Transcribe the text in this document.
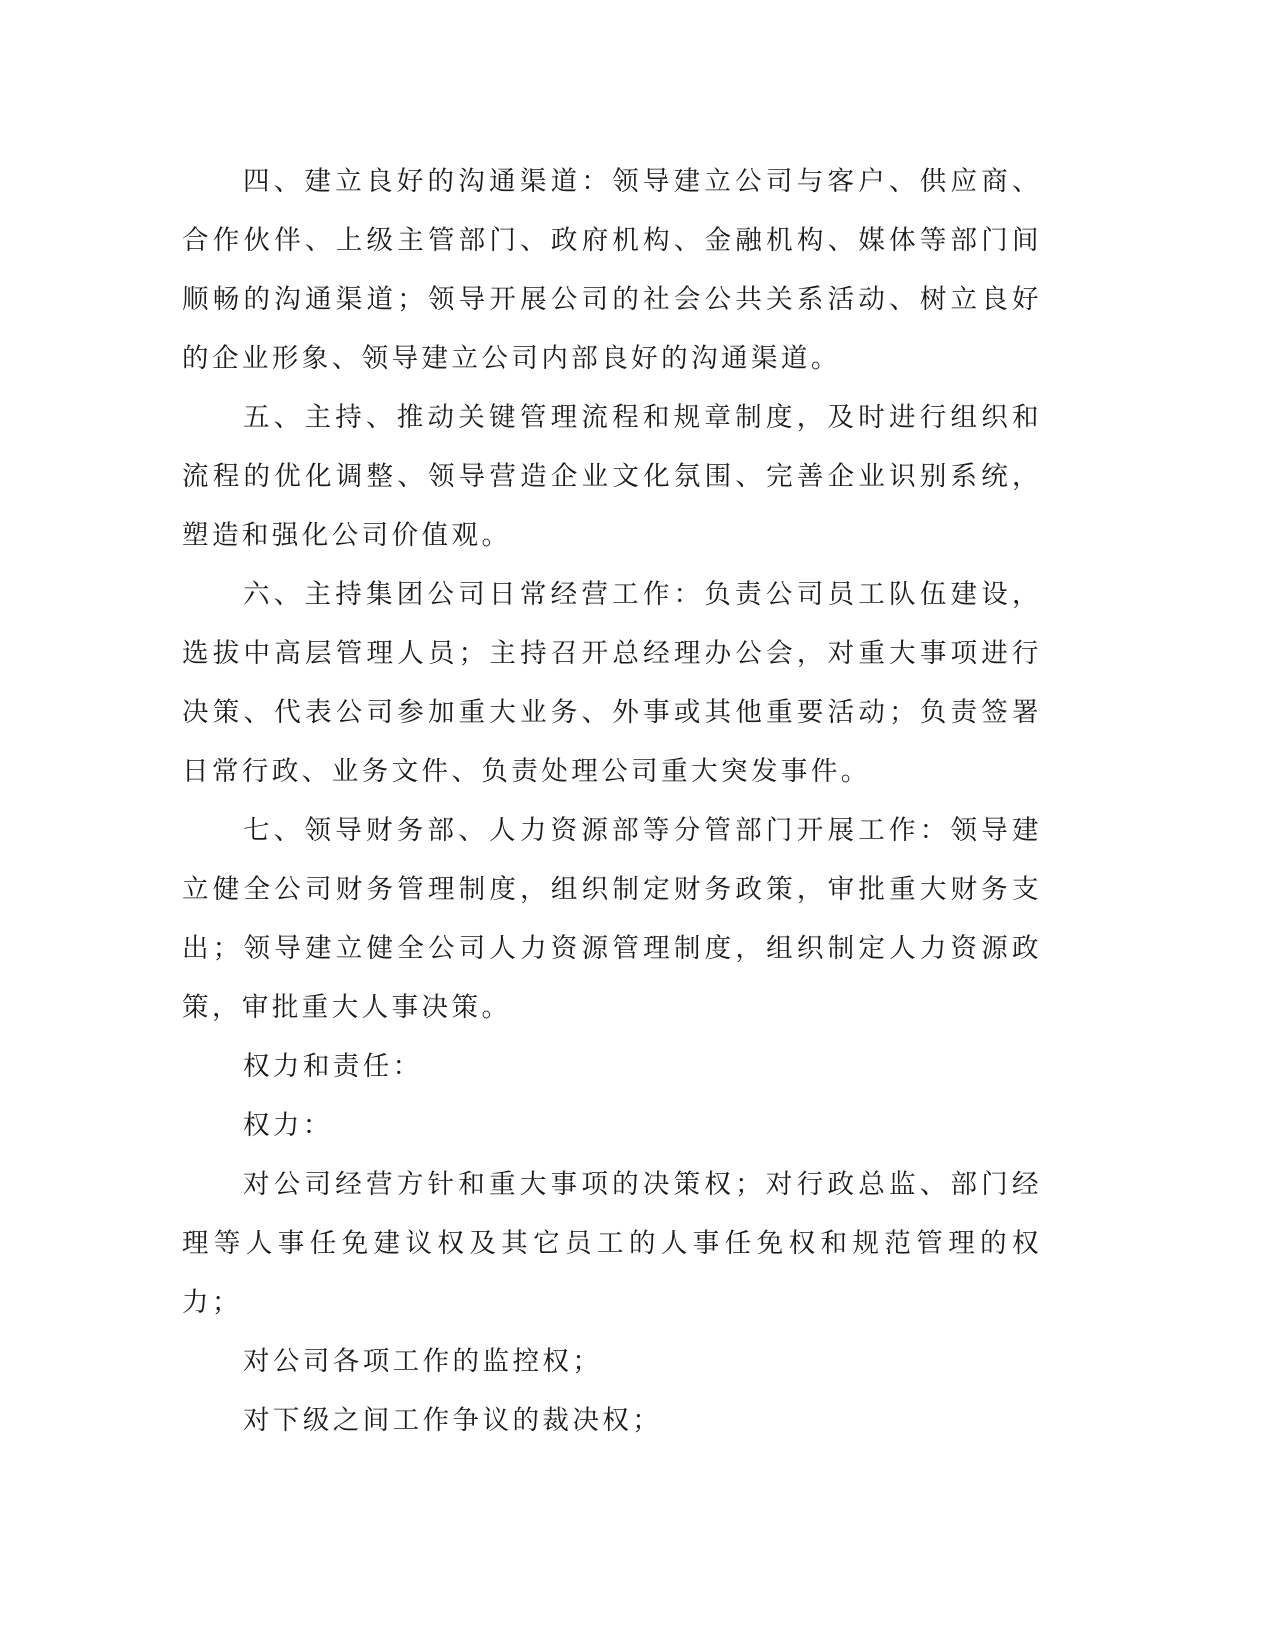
四、建立良好的沟通渠道：领导建立公司与客户、供应商、合作伙伴、上级主管部门、政府机构、金融机构、媒体等部门间顺畅的沟通渠道；领导开展公司的社会公共关系活动、树立良好的企业形象、领导建立公司内部良好的沟通渠道。

五、主持、推动关键管理流程和规章制度，及时进行组织和流程的优化调整、领导营造企业文化氛围、完善企业识别系统，塑造和强化公司价值观。

六、主持集团公司日常经营工作：负责公司员工队伍建设，选拔中高层管理人员；主持召开总经理办公会，对重大事项进行决策、代表公司参加重大业务、外事或其他重要活动；负责签署日常行政、业务文件、负责处理公司重大突发事件。

七、领导财务部、人力资源部等分管部门开展工作：领导建立健全公司财务管理制度，组织制定财务政策，审批重大财务支出；领导建立健全公司人力资源管理制度，组织制定人力资源政策，审批重大人事决策。

权力和责任：

权力：

对公司经营方针和重大事项的决策权；对行政总监、部门经理等人事任免建议权及其它员工的人事任免权和规范管理的权力；

对公司各项工作的监控权；

对下级之间工作争议的裁决权；
